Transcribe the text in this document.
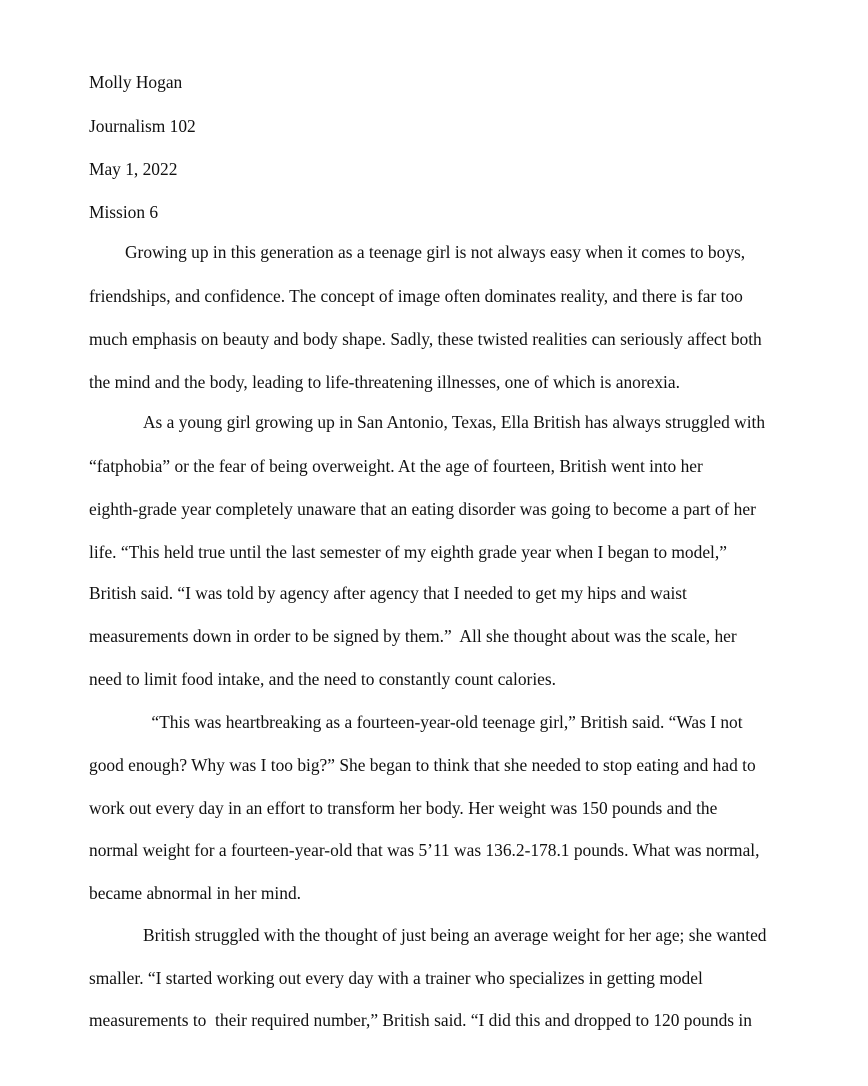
Molly Hogan

Journalism 102

May 1, 2022

Mission 6

Growing up in this generation as a teenage girl is not always easy when it comes to boys,

friendships, and confidence. The concept of image often dominates reality, and there is far too

much emphasis on beauty and body shape. Sadly, these twisted realities can seriously affect both

the mind and the body, leading to life-threatening illnesses, one of which is anorexia.

As a young girl growing up in San Antonio, Texas, Ella British has always struggled with

“fatphobia” or the fear of being overweight. At the age of fourteen, British went into her

eighth-grade year completely unaware that an eating disorder was going to become a part of her

life. “This held true until the last semester of my eighth grade year when I began to model,”

British said. “I was told by agency after agency that I needed to get my hips and waist

measurements down in order to be signed by them.”  All she thought about was the scale, her

need to limit food intake, and the need to constantly count calories.

“This was heartbreaking as a fourteen-year-old teenage girl,” British said. “Was I not

good enough? Why was I too big?” She began to think that she needed to stop eating and had to

work out every day in an effort to transform her body. Her weight was 150 pounds and the

normal weight for a fourteen-year-old that was 5’11 was 136.2-178.1 pounds. What was normal,

became abnormal in her mind.

British struggled with the thought of just being an average weight for her age; she wanted

smaller. “I started working out every day with a trainer who specializes in getting model

measurements to  their required number,” British said. “I did this and dropped to 120 pounds in
